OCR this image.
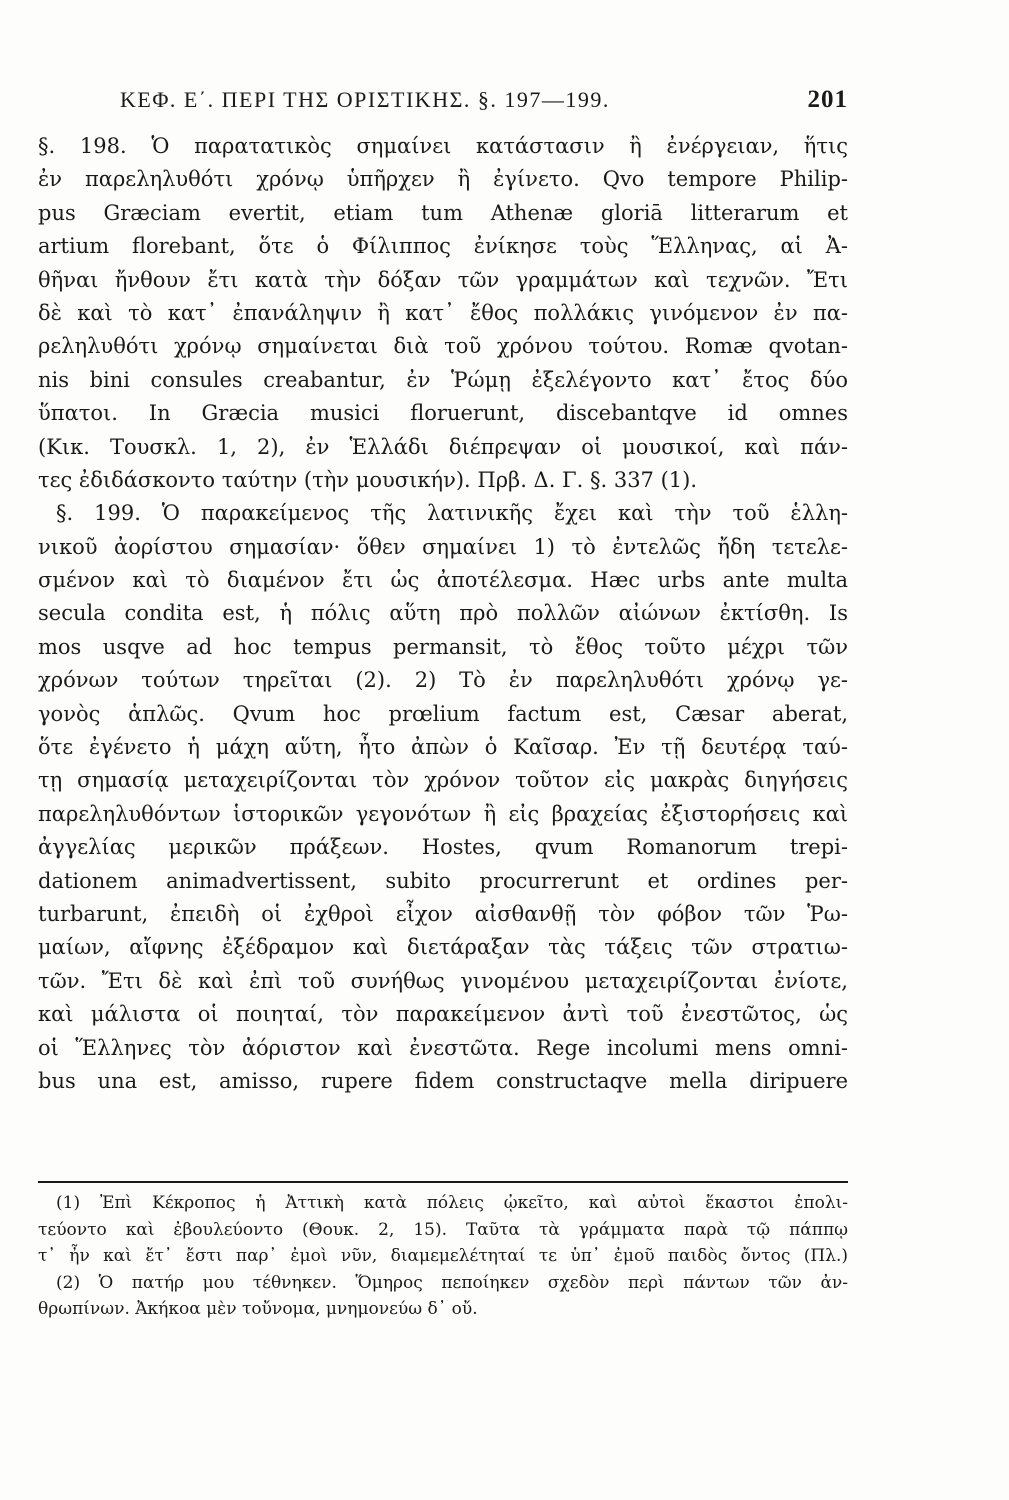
ΚΕΦ. Ε΄. ΠΕΡΙ ΤΗΣ ΟΡΙΣΤΙΚΗΣ. §. 197—199.	201
§. 198. Ὁ παρατατικὸς σημαίνει κατάστασιν ἢ ἐνέργειαν, ἥτις
ἐν παρεληλυθότι χρόνῳ ὑπῆρχεν ἢ ἐγίνετο. Qvo tempore Philip-
pus Græciam evertit, etiam tum Athenæ gloriā litterarum et
artium florebant, ὅτε ὁ Φίλιππος ἐνίκησε τοὺς Ἕλληνας, αἱ Ἀ-
θῆναι ἤνθουν ἔτι κατὰ τὴν δόξαν τῶν γραμμάτων καὶ τεχνῶν. Ἔτι
δὲ καὶ τὸ κατ᾽ ἐπανάληψιν ἢ κατ᾽ ἔθος πολλάκις γινόμενον ἐν πα-
ρεληλυθότι χρόνῳ σημαίνεται διὰ τοῦ χρόνου τούτου. Romæ qvotan-
nis bini consules creabantur, ἐν Ῥώμῃ ἐξελέγοντο κατ᾽ ἔτος δύο
ὕπατοι. In Græcia musici floruerunt, discebantqve id omnes
(Κικ. Τουσκλ. 1, 2), ἐν Ἑλλάδι διέπρεψαν οἱ μουσικοί, καὶ πάν-
τες ἐδιδάσκοντο ταύτην (τὴν μουσικήν). Πρβ. Δ. Γ. §. 337 (1).
§. 199. Ὁ παρακείμενος τῆς λατινικῆς ἔχει καὶ τὴν τοῦ ἑλλη-
νικοῦ ἀορίστου σημασίαν· ὅθεν σημαίνει 1) τὸ ἐντελῶς ἤδη τετελε-
σμένον καὶ τὸ διαμένον ἔτι ὡς ἀποτέλεσμα. Hæc urbs ante multa
secula condita est, ἡ πόλις αὕτη πρὸ πολλῶν αἰώνων ἐκτίσθη. Is
mos usqve ad hoc tempus permansit, τὸ ἔθος τοῦτο μέχρι τῶν
χρόνων τούτων τηρεῖται (2). 2) Τὸ ἐν παρεληλυθότι χρόνῳ γε-
γονὸς ἁπλῶς. Qvum hoc prœlium factum est, Cæsar aberat,
ὅτε ἐγένετο ἡ μάχη αὕτη, ἦτο ἀπὼν ὁ Καῖσαρ. Ἐν τῇ δευτέρᾳ ταύ-
τῃ σημασίᾳ μεταχειρίζονται τὸν χρόνον τοῦτον εἰς μακρὰς διηγήσεις
παρεληλυθόντων ἱστορικῶν γεγονότων ἢ εἰς βραχείας ἐξιστορήσεις καὶ
ἀγγελίας μερικῶν πράξεων. Hostes, qvum Romanorum trepi-
dationem animadvertissent, subito procurrerunt et ordines per-
turbarunt, ἐπειδὴ οἱ ἐχθροὶ εἶχον αἰσθανθῇ τὸν φόβον τῶν Ῥω-
μαίων, αἴφνης ἐξέδραμον καὶ διετάραξαν τὰς τάξεις τῶν στρατιω-
τῶν. Ἔτι δὲ καὶ ἐπὶ τοῦ συνήθως γινομένου μεταχειρίζονται ἐνίοτε,
καὶ μάλιστα οἱ ποιηταί, τὸν παρακείμενον ἀντὶ τοῦ ἐνεστῶτος, ὡς
οἱ Ἕλληνες τὸν ἀόριστον καὶ ἐνεστῶτα. Rege incolumi mens omni-
bus una est, amisso, rupere fidem constructaqve mella diripuere
(1) Ἐπὶ Κέκροπος ἡ Ἀττικὴ κατὰ πόλεις ᾠκεῖτο, καὶ αὐτοὶ ἕκαστοι ἐπολι-
τεύοντο καὶ ἐβουλεύοντο (Θουκ. 2, 15). Ταῦτα τὰ γράμματα παρὰ τῷ πάππῳ
τ᾽ ἦν καὶ ἔτ᾽ ἔστι παρ᾽ ἐμοὶ νῦν, διαμεμελέτηταί τε ὑπ᾽ ἐμοῦ παιδὸς ὄντος (Πλ.)
(2) Ὁ πατήρ μου τέθνηκεν. Ὅμηρος πεποίηκεν σχεδὸν περὶ πάντων τῶν ἀν-
θρωπίνων. Ἀκήκοα μὲν τοὔνομα, μνημονεύω δ᾽ οὔ.
